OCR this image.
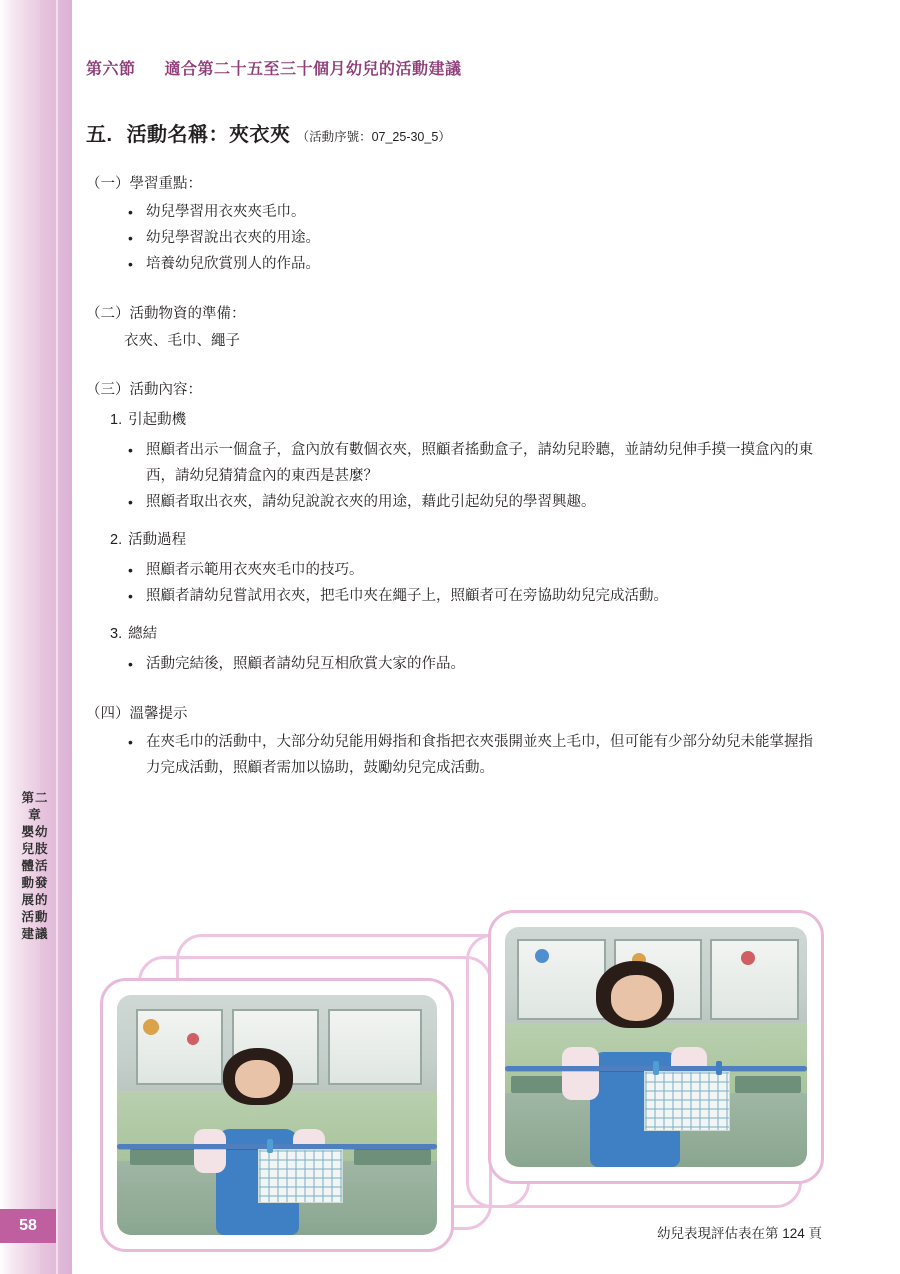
第二章　嬰幼兒肢體活動發展的活動建議
58
第六節 適合第二十五至三十個月幼兒的活動建議
五. 活動名稱：夾衣夾 （活動序號：07_25-30_5）
（一）學習重點：
• 幼兒學習用衣夾夾毛巾。
• 幼兒學習說出衣夾的用途。
• 培養幼兒欣賞別人的作品。
（二）活動物資的準備：
衣夾、毛巾、繩子
（三）活動內容：
1. 引起動機
• 照顧者出示一個盒子，盒內放有數個衣夾，照顧者搖動盒子，請幼兒聆聽，並請幼兒伸手摸一摸盒內的東西，請幼兒猜猜盒內的東西是甚麼？
• 照顧者取出衣夾，請幼兒說說衣夾的用途，藉此引起幼兒的學習興趣。
2. 活動過程
• 照顧者示範用衣夾夾毛巾的技巧。
• 照顧者請幼兒嘗試用衣夾，把毛巾夾在繩子上，照顧者可在旁協助幼兒完成活動。
3. 總結
• 活動完結後，照顧者請幼兒互相欣賞大家的作品。
（四）溫馨提示
• 在夾毛巾的活動中，大部分幼兒能用姆指和食指把衣夾張開並夾上毛巾，但可能有少部分幼兒未能掌握指力完成活動，照顧者需加以協助，鼓勵幼兒完成活動。
幼兒表現評估表在第 124 頁
